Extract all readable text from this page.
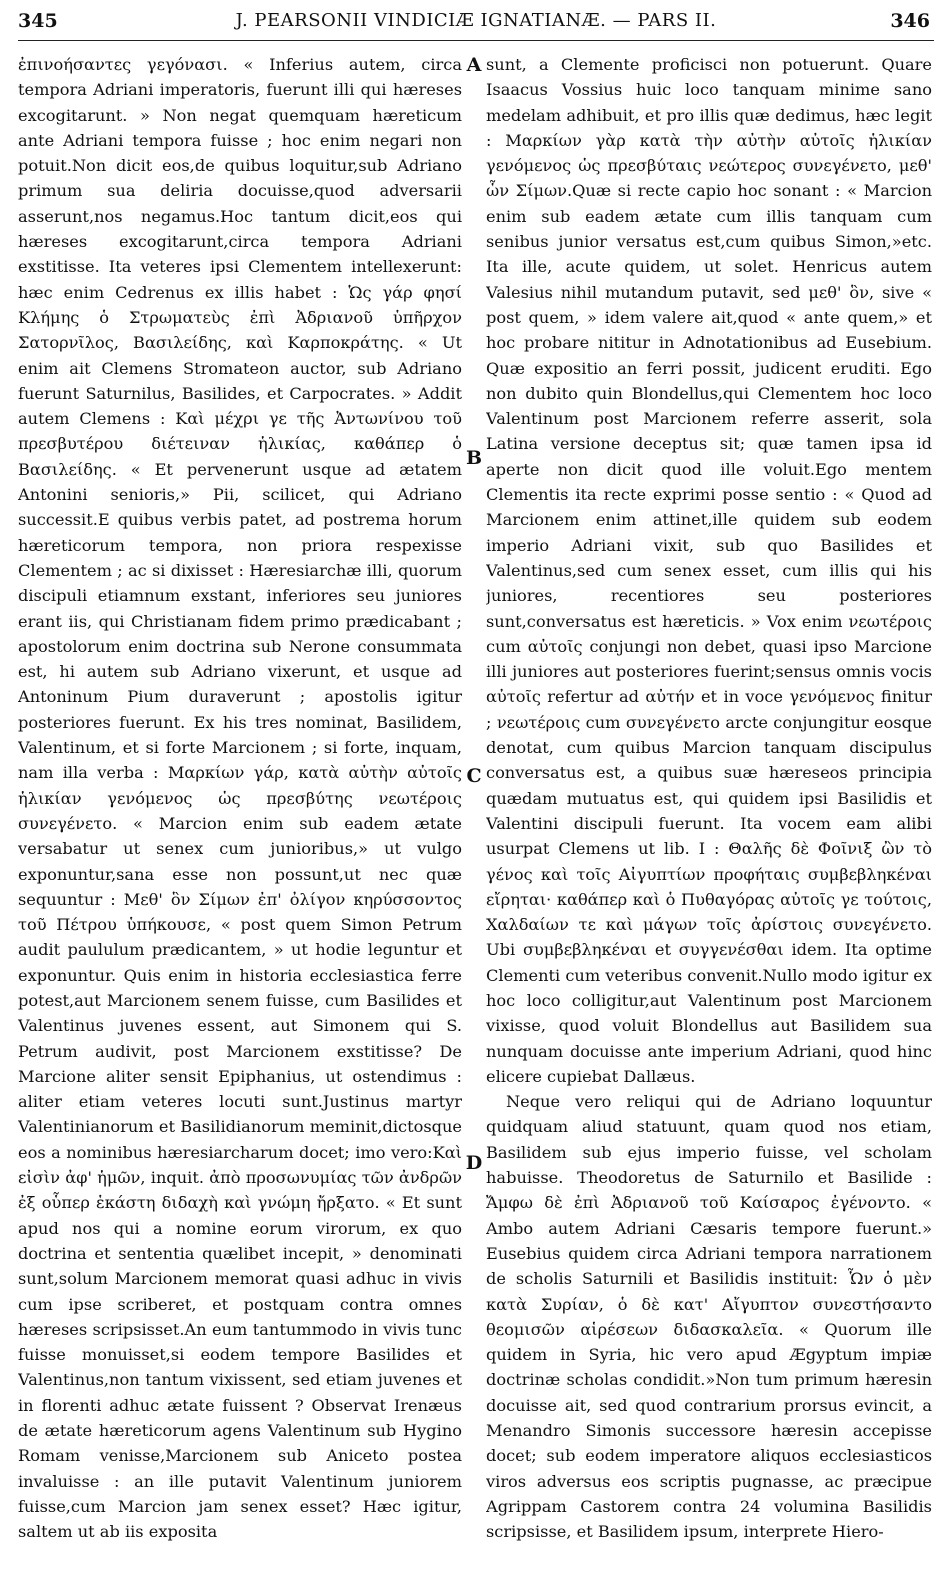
345	J. PEARSONII VINDICIÆ IGNATIANÆ. — PARS II.	346

ἐπινοήσαντες γεγόνασι. « Inferius autem, circa tempora Adriani imperatoris, fuerunt illi qui hæreses excogitarunt. » Non negat quemquam hæreticum ante Adriani tempora fuisse ; hoc enim negari non potuit.Non dicit eos,de quibus loquitur,sub Adriano primum sua deliria docuisse,quod adversarii asserunt,nos negamus.Hoc tantum dicit,eos qui hæreses excogitarunt,circa tempora Adriani exstitisse. Ita veteres ipsi Clementem intellexerunt: hæc enim Cedrenus ex illis habet : Ὡς γάρ φησί Κλήμης ὁ Στρωματεὺς ἐπὶ Ἀδριανοῦ ὑπῆρχον Σατορνῖλος, Βασιλείδης, καὶ Καρποκράτης. « Ut enim ait Clemens Stromateon auctor, sub Adriano fuerunt Saturnilus, Basilides, et Carpocrates. » Addit autem Clemens : Καὶ μέχρι γε τῆς Ἀντωνίνου τοῦ πρεσβυτέρου διέτειναν ἡλικίας, καθάπερ ὁ Βασιλείδης. « Et pervenerunt usque ad ætatem Antonini senioris,» Pii, scilicet, qui Adriano successit.E quibus verbis patet, ad postrema horum hæreticorum tempora, non priora respexisse Clementem ; ac si dixisset : Hæresiarchæ illi, quorum discipuli etiamnum exstant, inferiores seu juniores erant iis, qui Christianam fidem primo prædicabant ; apostolorum enim doctrina sub Nerone consummata est, hi autem sub Adriano vixerunt, et usque ad Antoninum Pium duraverunt ; apostolis igitur posteriores fuerunt. Ex his tres nominat, Basilidem, Valentinum, et si forte Marcionem ; si forte, inquam, nam illa verba : Μαρκίων γάρ, κατὰ αὐτὴν αὐτοῖς ἡλικίαν γενόμενος ὡς πρεσβύτης νεωτέροις συνεγένετο. « Marcion enim sub eadem ætate versabatur ut senex cum junioribus,» ut vulgo exponuntur,sana esse non possunt,ut nec quæ sequuntur : Μεθ' ὃν Σίμων ἐπ' ὀλίγον κηρύσσοντος τοῦ Πέτρου ὑπήκουσε, « post quem Simon Petrum audit paululum prædicantem, » ut hodie leguntur et exponuntur. Quis enim in historia ecclesiastica ferre potest,aut Marcionem senem fuisse, cum Basilides et Valentinus juvenes essent, aut Simonem qui S. Petrum audivit, post Marcionem exstitisse? De Marcione aliter sensit Epiphanius, ut ostendimus : aliter etiam veteres locuti sunt.Justinus martyr Valentinianorum et Basilidianorum meminit,dictosque eos a nominibus hæresiarcharum docet; imo vero:Καὶ εἰσὶν ἀφ' ἡμῶν, inquit. ἀπὸ προσωνυμίας τῶν ἀνδρῶν ἐξ οὗπερ ἑκάστη διδαχὴ καὶ γνώμη ἤρξατο. « Et sunt apud nos qui a nomine eorum virorum, ex quo doctrina et sententia quælibet incepit, » denominati sunt,solum Marcionem memorat quasi adhuc in vivis cum ipse scriberet, et postquam contra omnes hæreses scripsisset.An eum tantummodo in vivis tunc fuisse monuisset,si eodem tempore Basilides et Valentinus,non tantum vixissent, sed etiam juvenes et in florenti adhuc ætate fuissent ? Observat Irenæus de ætate hæreticorum agens Valentinum sub Hygino Romam venisse,Marcionem sub Aniceto postea invaluisse : an ille putavit Valentinum juniorem fuisse,cum Marcion jam senex esset? Hæc igitur, saltem ut ab iis exposita

A
B
C
D

sunt, a Clemente proficisci non potuerunt. Quare Isaacus Vossius huic loco tanquam minime sano medelam adhibuit, et pro illis quæ dedimus, hæc legit : Μαρκίων γὰρ κατὰ τὴν αὐτὴν αὐτοῖς ἡλικίαν γενόμενος ὡς πρεσβύταις νεώτερος συνεγένετο, μεθ' ὧν Σίμων.Quæ si recte capio hoc sonant : « Marcion enim sub eadem ætate cum illis tanquam cum senibus junior versatus est,cum quibus Simon,»etc. Ita ille, acute quidem, ut solet. Henricus autem Valesius nihil mutandum putavit, sed μεθ' ὃν, sive « post quem, » idem valere ait,quod « ante quem,» et hoc probare nititur in Adnotationibus ad Eusebium. Quæ expositio an ferri possit, judicent eruditi. Ego non dubito quin Blondellus,qui Clementem hoc loco Valentinum post Marcionem referre asserit, sola Latina versione deceptus sit; quæ tamen ipsa id aperte non dicit quod ille voluit.Ego mentem Clementis ita recte exprimi posse sentio : « Quod ad Marcionem enim attinet,ille quidem sub eodem imperio Adriani vixit, sub quo Basilides et Valentinus,sed cum senex esset, cum illis qui his juniores, recentiores seu posteriores sunt,conversatus est hæreticis. » Vox enim νεωτέροις cum αὐτοῖς conjungi non debet, quasi ipso Marcione illi juniores aut posteriores fuerint;sensus omnis vocis αὐτοῖς refertur ad αὐτήν et in voce γενόμενος finitur ; νεωτέροις cum συνεγένετο arcte conjungitur eosque denotat, cum quibus Marcion tanquam discipulus conversatus est, a quibus suæ hæreseos principia quædam mutuatus est, qui quidem ipsi Basilidis et Valentini discipuli fuerunt. Ita vocem eam alibi usurpat Clemens ut lib. I : Θαλῆς δὲ Φοῖνιξ ὢν τὸ γένος καὶ τοῖς Αἰγυπτίων προφήταις συμβεβληκέναι εἴρηται· καθάπερ καὶ ὁ Πυθαγόρας αὐτοῖς γε τούτοις, Χαλδαίων τε καὶ μάγων τοῖς ἀρίστοις συνεγένετο. Ubi συμβεβληκέναι et συγγενέσθαι idem. Ita optime Clementi cum veteribus convenit.Nullo modo igitur ex hoc loco colligitur,aut Valentinum post Marcionem vixisse, quod voluit Blondellus aut Basilidem sua nunquam docuisse ante imperium Adriani, quod hinc elicere cupiebat Dallæus.

Neque vero reliqui qui de Adriano loquuntur quidquam aliud statuunt, quam quod nos etiam, Basilidem sub ejus imperio fuisse, vel scholam habuisse. Theodoretus de Saturnilo et Basilide : Ἄμφω δὲ ἐπὶ Ἀδριανοῦ τοῦ Καίσαρος ἐγένοντο. « Ambo autem Adriani Cæsaris tempore fuerunt.» Eusebius quidem circa Adriani tempora narrationem de scholis Saturnili et Basilidis instituit: Ὧν ὁ μὲν κατὰ Συρίαν, ὁ δὲ κατ' Αἴγυπτον συνεστήσαντο θεομισῶν αἱρέσεων διδασκαλεῖα. « Quorum ille quidem in Syria, hic vero apud Ægyptum impiæ doctrinæ scholas condidit.»Non tum primum hæresin docuisse ait, sed quod contrarium prorsus evincit, a Menandro Simonis successore hæresin accepisse docet; sub eodem imperatore aliquos ecclesiasticos viros adversus eos scriptis pugnasse, ac præcipue Agrippam Castorem contra 24 volumina Basilidis scripsisse, et Basilidem ipsum, interprete Hiero-
